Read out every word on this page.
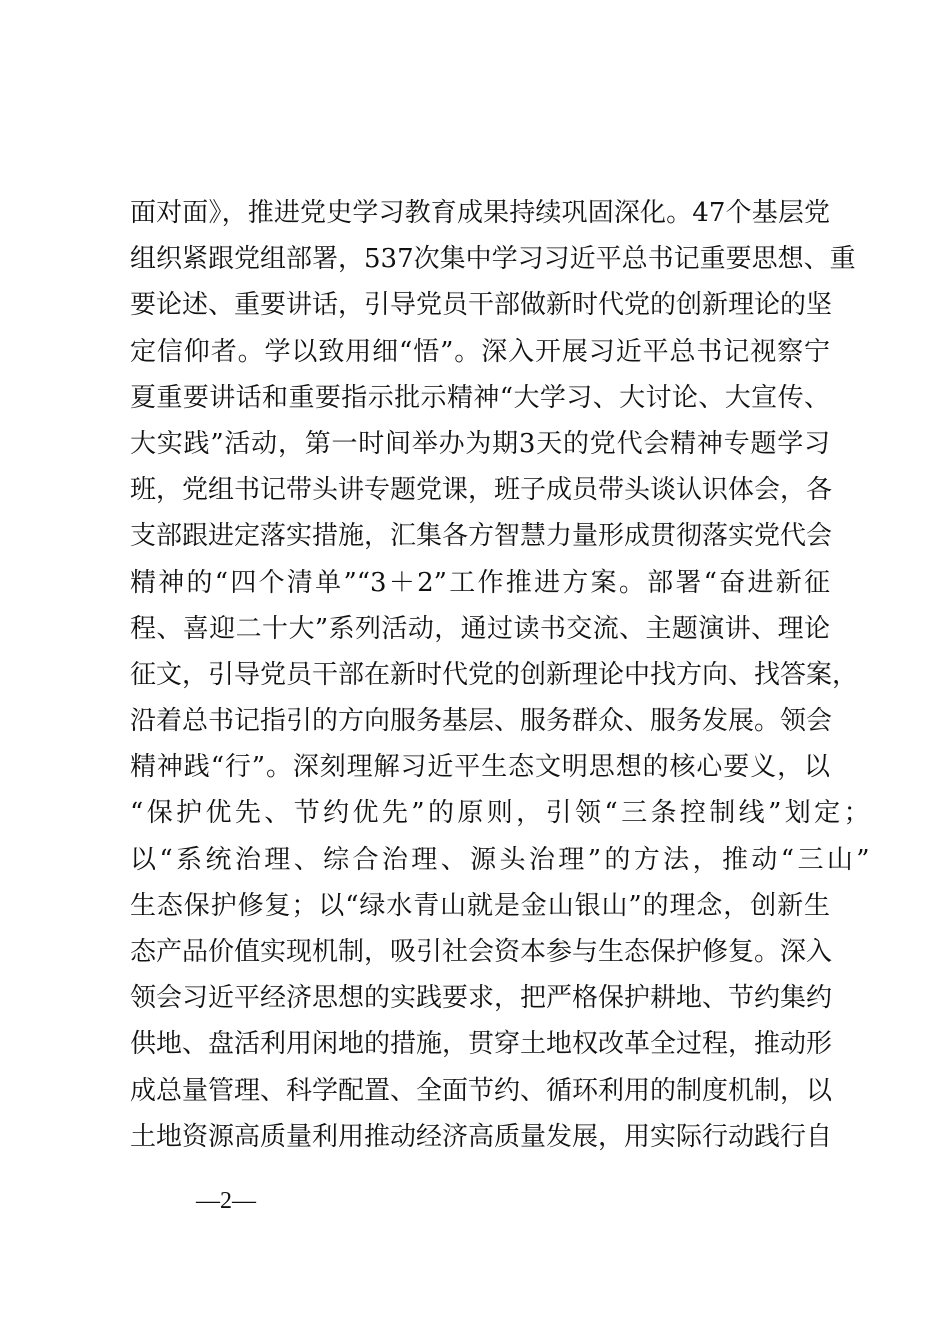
面对面》，推进党史学习教育成果持续巩固深化。47个基层党
组织紧跟党组部署，537次集中学习习近平总书记重要思想、重
要论述、重要讲话，引导党员干部做新时代党的创新理论的坚
定信仰者。学以致用细“悟”。深入开展习近平总书记视察宁
夏重要讲话和重要指示批示精神“大学习、大讨论、大宣传、
大实践”活动，第一时间举办为期3天的党代会精神专题学习
班，党组书记带头讲专题党课，班子成员带头谈认识体会，各
支部跟进定落实措施，汇集各方智慧力量形成贯彻落实党代会
精神的“四个清单”“3＋2”工作推进方案。部署“奋进新征
程、喜迎二十大”系列活动，通过读书交流、主题演讲、理论
征文，引导党员干部在新时代党的创新理论中找方向、找答案，
沿着总书记指引的方向服务基层、服务群众、服务发展。领会
精神践“行”。深刻理解习近平生态文明思想的核心要义，以
“保护优先、节约优先”的原则，引领“三条控制线”划定；
以“系统治理、综合治理、源头治理”的方法，推动“三山”
生态保护修复；以“绿水青山就是金山银山”的理念，创新生
态产品价值实现机制，吸引社会资本参与生态保护修复。深入
领会习近平经济思想的实践要求，把严格保护耕地、节约集约
供地、盘活利用闲地的措施，贯穿土地权改革全过程，推动形
成总量管理、科学配置、全面节约、循环利用的制度机制，以
土地资源高质量利用推动经济高质量发展，用实际行动践行自
—2—
